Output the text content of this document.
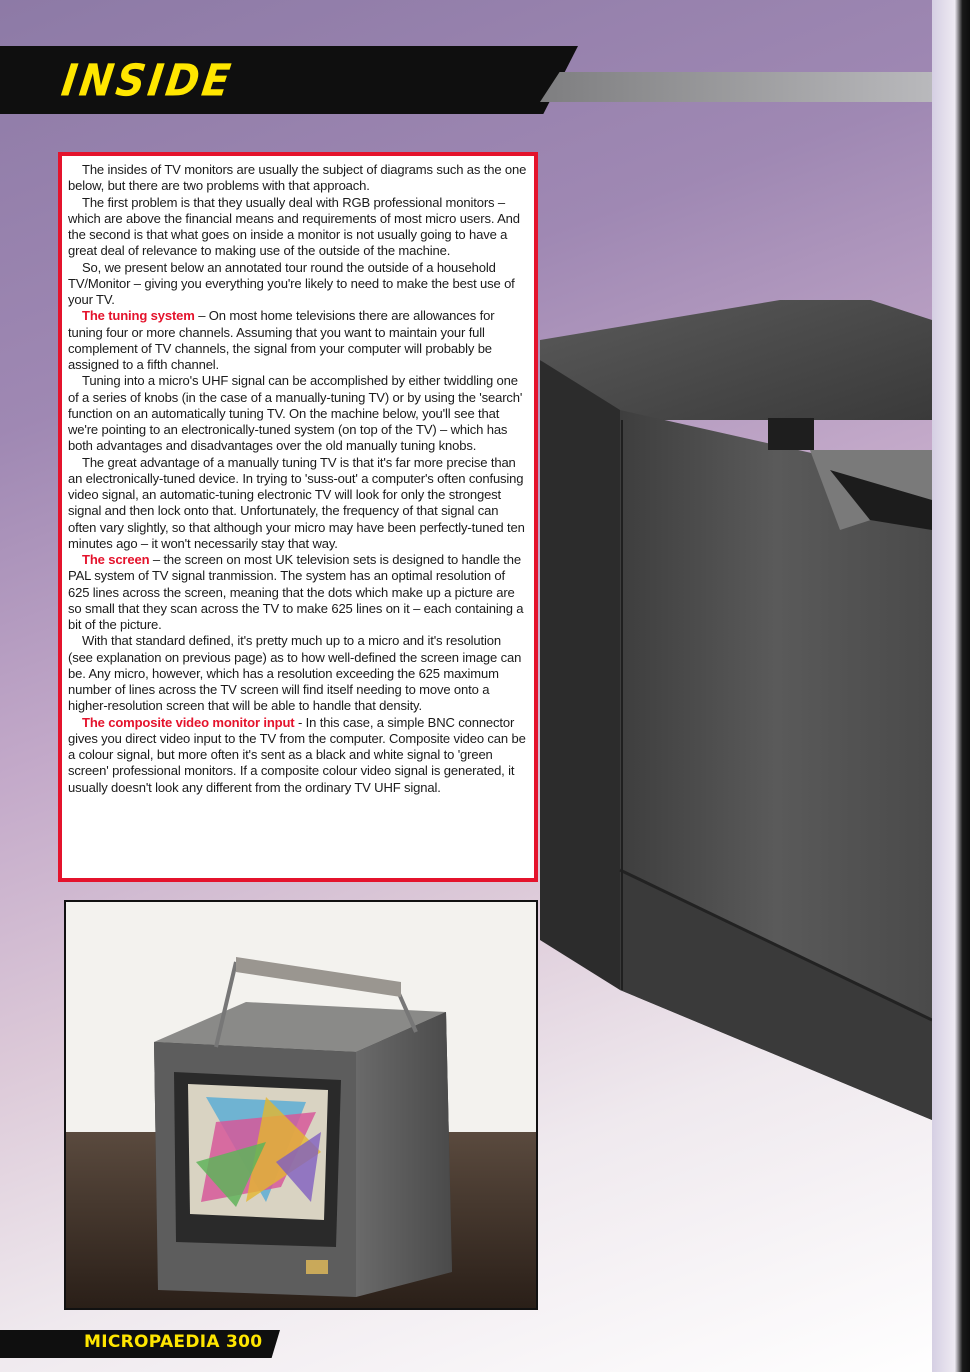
INSIDE

The insides of TV monitors are usually the subject of diagrams such as the one below, but there are two problems with that approach.

The first problem is that they usually deal with RGB professional monitors – which are above the financial means and requirements of most micro users. And the second is that what goes on inside a monitor is not usually going to have a great deal of relevance to making use of the outside of the machine.

So, we present below an annotated tour round the outside of a household TV/Monitor – giving you everything you're likely to need to make the best use of your TV.

The tuning system – On most home televisions there are allowances for tuning four or more channels. Assuming that you want to maintain your full complement of TV channels, the signal from your computer will probably be assigned to a fifth channel.

Tuning into a micro's UHF signal can be accomplished by either twiddling one of a series of knobs (in the case of a manually-tuning TV) or by using the 'search' function on an automatically tuning TV. On the machine below, you'll see that we're pointing to an electronically-tuned system (on top of the TV) – which has both advantages and disadvantages over the old manually tuning knobs.

The great advantage of a manually tuning TV is that it's far more precise than an electronically-tuned device. In trying to 'suss-out' a computer's often confusing video signal, an automatic-tuning electronic TV will look for only the strongest signal and then lock onto that. Unfortunately, the frequency of that signal can often vary slightly, so that although your micro may have been perfectly-tuned ten minutes ago – it won't necessarily stay that way.

The screen – the screen on most UK television sets is designed to handle the PAL system of TV signal tranmission. The system has an optimal resolution of 625 lines across the screen, meaning that the dots which make up a picture are so small that they scan across the TV to make 625 lines on it – each containing a bit of the picture.

With that standard defined, it's pretty much up to a micro and it's resolution (see explanation on previous page) as to how well-defined the screen image can be. Any micro, however, which has a resolution exceeding the 625 maximum number of lines across the TV screen will find itself needing to move onto a higher-resolution screen that will be able to handle that density.

The composite video monitor input - In this case, a simple BNC connector gives you direct video input to the TV from the computer. Composite video can be a colour signal, but more often it's sent as a black and white signal to 'green screen' professional monitors. If a composite colour video signal is generated, it usually doesn't look any different from the ordinary TV UHF signal.

MICROPAEDIA 300
